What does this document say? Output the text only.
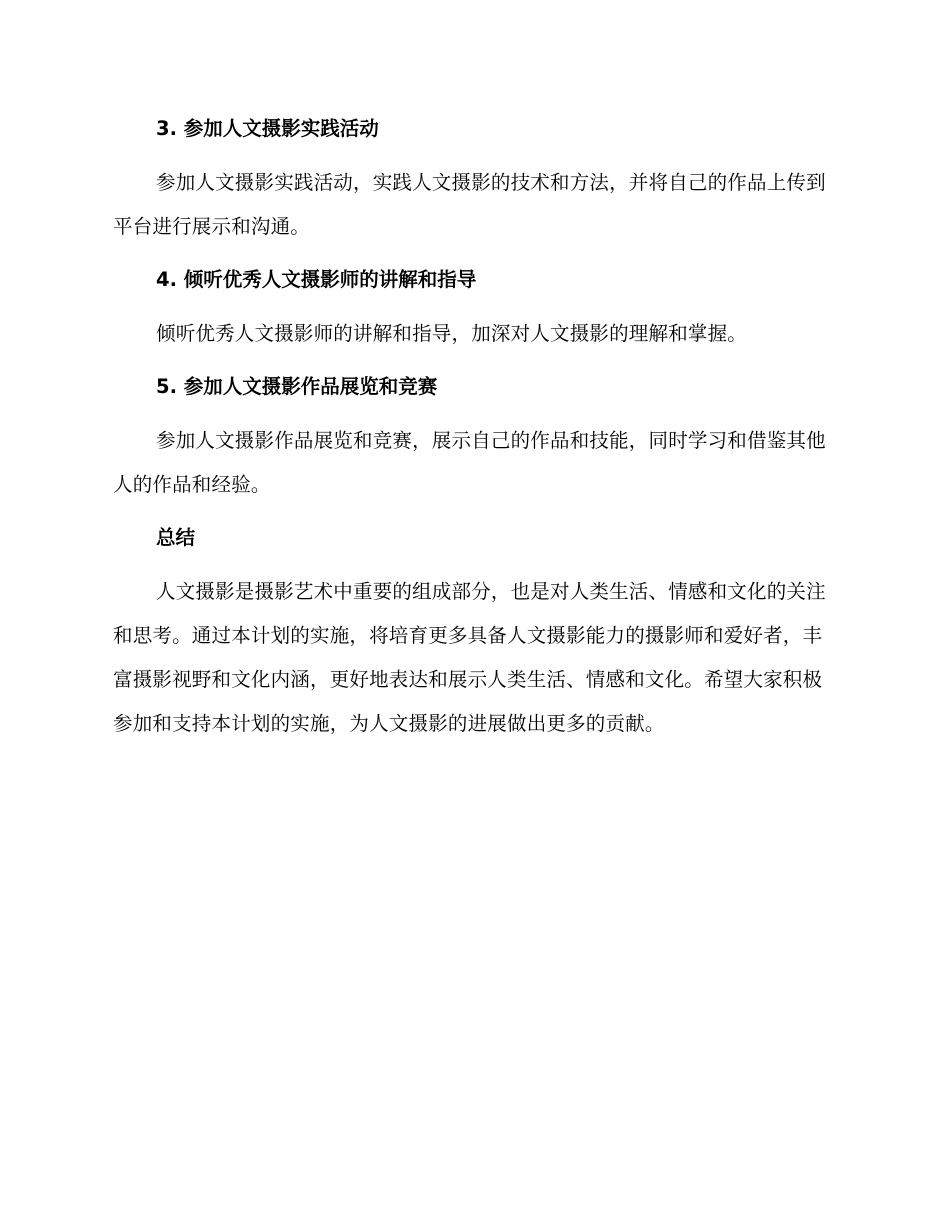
3. 参加人文摄影实践活动
参加人文摄影实践活动，实践人文摄影的技术和方法，并将自己的作品上传到平台进行展示和沟通。
4. 倾听优秀人文摄影师的讲解和指导
倾听优秀人文摄影师的讲解和指导，加深对人文摄影的理解和掌握。
5. 参加人文摄影作品展览和竞赛
参加人文摄影作品展览和竞赛，展示自己的作品和技能，同时学习和借鉴其他人的作品和经验。
总结
人文摄影是摄影艺术中重要的组成部分，也是对人类生活、情感和文化的关注和思考。通过本计划的实施，将培育更多具备人文摄影能力的摄影师和爱好者，丰富摄影视野和文化内涵，更好地表达和展示人类生活、情感和文化。希望大家积极参加和支持本计划的实施，为人文摄影的进展做出更多的贡献。
